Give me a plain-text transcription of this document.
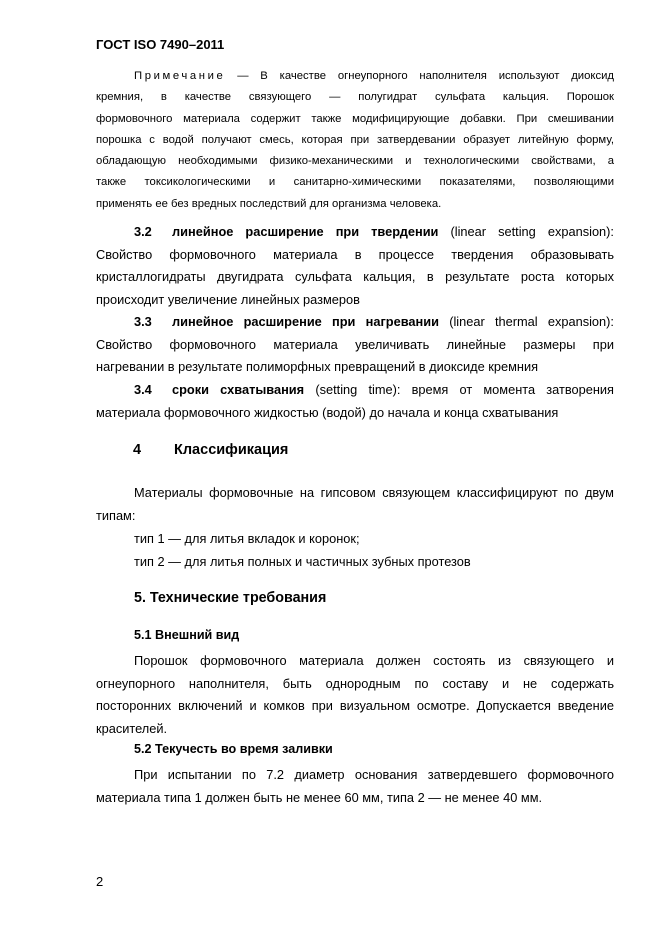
ГОСТ ISO 7490–2011

Примечание — В качестве огнеупорного наполнителя используют диоксид

кремния, в качестве связующего — полугидрат сульфата кальция. Порошок

формовочного материала содержит также модифицирующие добавки. При смешивании

порошка с водой получают смесь, которая при затвердевании образует литейную форму,

обладающую необходимыми физико-механическими и технологическими свойствами, а

также токсикологическими и санитарно-химическими показателями, позволяющими

применять ее без вредных последствий для организма человека.

3.2 линейное расширение при твердении (linear setting expansion):

Свойство формовочного материала в процессе твердения образовывать

кристаллогидраты двугидрата сульфата кальция, в результате роста которых

происходит увеличение линейных размеров

3.3 линейное расширение при нагревании (linear thermal expansion):

Свойство формовочного материала увеличивать линейные размеры при

нагревании в результате полиморфных превращений в диоксиде кремния

3.4 сроки схватывания (setting time): время от момента затворения

материала формовочного жидкостью (водой) до начала и конца схватывания

4 Классификация

Материалы формовочные на гипсовом связующем классифицируют по двум

типам:

тип 1 — для литья вкладок и коронок;
тип 2 — для литья полных и частичных зубных протезов
5. Технические требования
5.1 Внешний вид

Порошок формовочного материала должен состоять из связующего и

огнеупорного наполнителя, быть однородным по составу и не содержать

посторонних включений и комков при визуальном осмотре. Допускается введение

красителей.

5.2 Текучесть во время заливки

При испытании по 7.2 диаметр основания затвердевшего формовочного

материала типа 1 должен быть не менее 60 мм, типа 2 — не менее 40 мм.

2
